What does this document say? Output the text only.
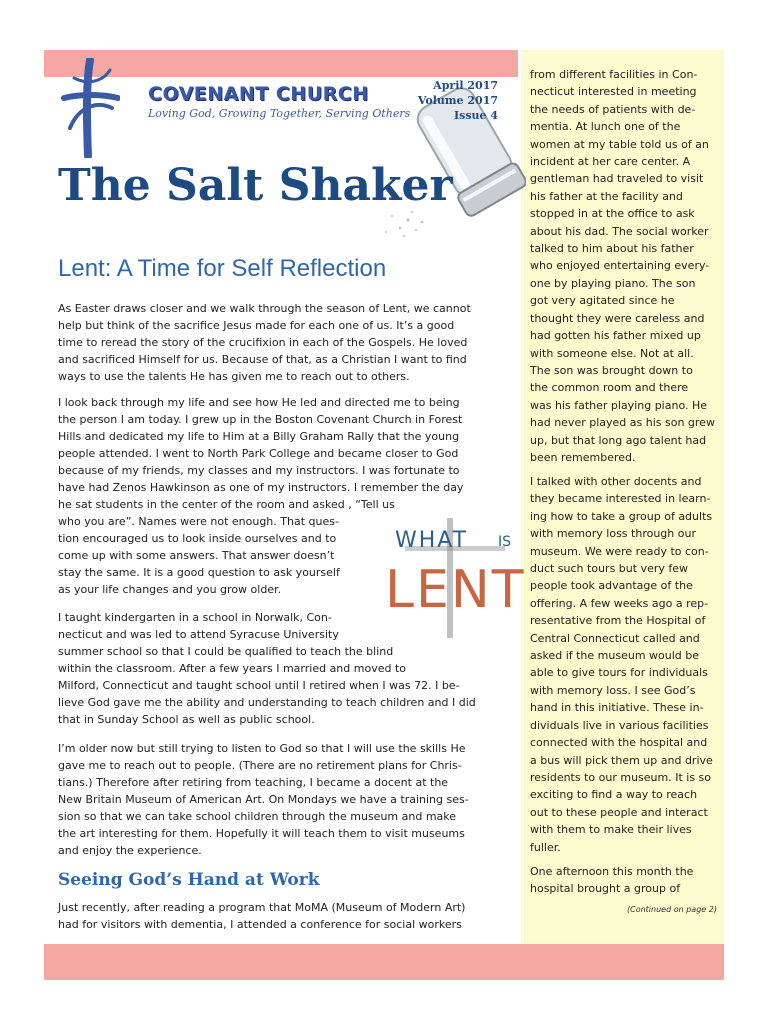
COVENANT CHURCH
Loving God, Growing Together, Serving Others
April 2017
Volume 2017
Issue 4
The Salt Shaker
Lent: A Time for Self Reflection
As Easter draws closer and we walk through the season of Lent, we cannot
help but think of the sacrifice Jesus made for each one of us. It’s a good
time to reread the story of the crucifixion in each of the Gospels. He loved
and sacrificed Himself for us. Because of that, as a Christian I want to find
ways to use the talents He has given me to reach out to others.
I look back through my life and see how He led and directed me to being
the person I am today. I grew up in the Boston Covenant Church in Forest
Hills and dedicated my life to Him at a Billy Graham Rally that the young
people attended. I went to North Park College and became closer to God
because of my friends, my classes and my instructors. I was fortunate to
have had Zenos Hawkinson as one of my instructors. I remember the day
he sat students in the center of the room and asked , “Tell us
who you are”. Names were not enough. That ques-
tion encouraged us to look inside ourselves and to
come up with some answers. That answer doesn’t
stay the same. It is a good question to ask yourself
as your life changes and you grow older.
I taught kindergarten in a school in Norwalk, Con-
necticut and was led to attend Syracuse University
summer school so that I could be qualified to teach the blind
within the classroom. After a few years I married and moved to
Milford, Connecticut and taught school until I retired when I was 72. I be-
lieve God gave me the ability and understanding to teach children and I did
that in Sunday School as well as public school.
I’m older now but still trying to listen to God so that I will use the skills He
gave me to reach out to people. (There are no retirement plans for Chris-
tians.) Therefore after retiring from teaching, I became a docent at the
New Britain Museum of American Art. On Mondays we have a training ses-
sion so that we can take school children through the museum and make
the art interesting for them. Hopefully it will teach them to visit museums
and enjoy the experience.
WHAT IS
LENT
Seeing God’s Hand at Work
Just recently, after reading a program that MoMA (Museum of Modern Art)
had for visitors with dementia, I attended a conference for social workers
from different facilities in Con-
necticut interested in meeting
the needs of patients with de-
mentia. At lunch one of the
women at my table told us of an
incident at her care center. A
gentleman had traveled to visit
his father at the facility and
stopped in at the office to ask
about his dad. The social worker
talked to him about his father
who enjoyed entertaining every-
one by playing piano. The son
got very agitated since he
thought they were careless and
had gotten his father mixed up
with someone else. Not at all.
The son was brought down to
the common room and there
was his father playing piano. He
had never played as his son grew
up, but that long ago talent had
been remembered.
I talked with other docents and
they became interested in learn-
ing how to take a group of adults
with memory loss through our
museum. We were ready to con-
duct such tours but very few
people took advantage of the
offering. A few weeks ago a rep-
resentative from the Hospital of
Central Connecticut called and
asked if the museum would be
able to give tours for individuals
with memory loss. I see God’s
hand in this initiative. These in-
dividuals live in various facilities
connected with the hospital and
a bus will pick them up and drive
residents to our museum. It is so
exciting to find a way to reach
out to these people and interact
with them to make their lives
fuller.
One afternoon this month the
hospital brought a group of
(Continued on page 2)
